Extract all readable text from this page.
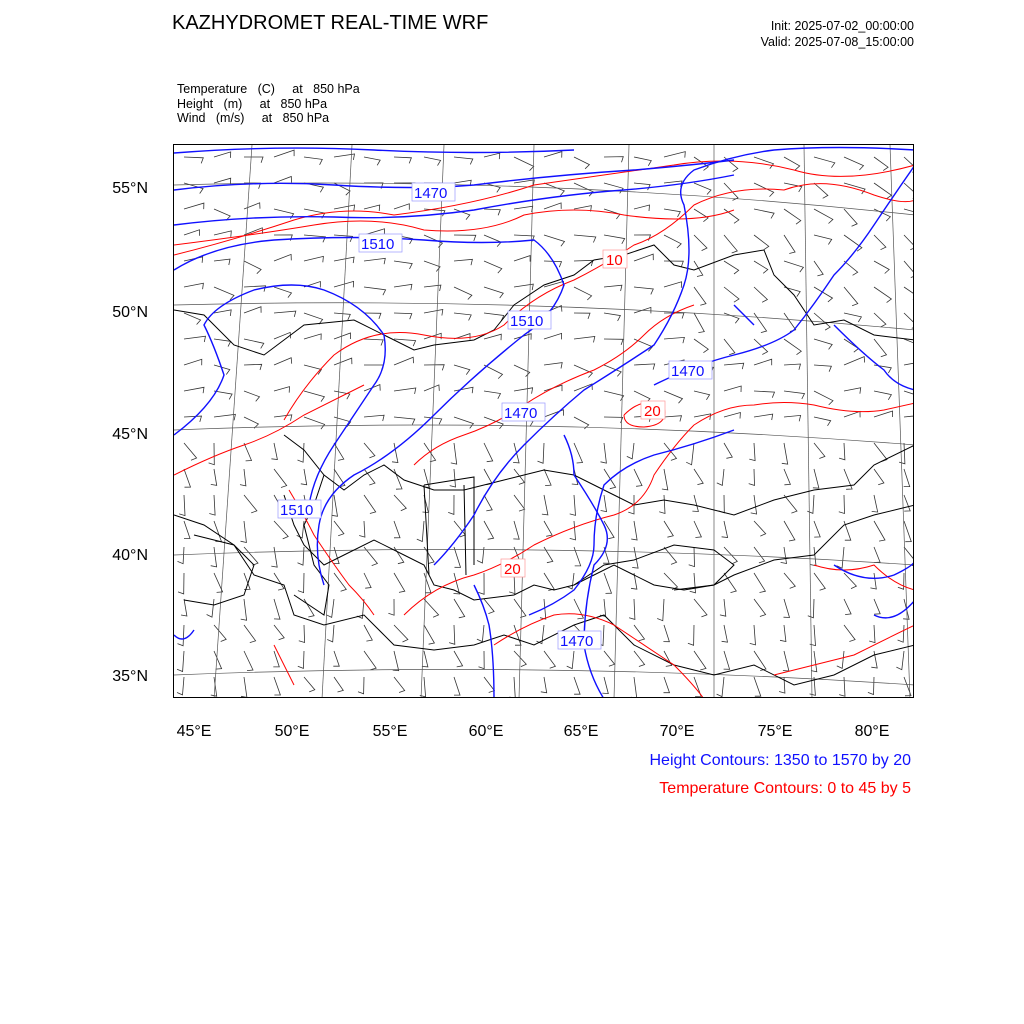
KAZHYDROMET REAL-TIME WRF	Init: 2025-07-02_00:00:00
Valid: 2025-07-08_15:00:00
Temperature   (C)     at   850 hPa
Height   (m)     at   850 hPa
Wind   (m/s)     at   850 hPa
1470
1510
1510
1470
1470
1510
1470
10
20
20
55°N
50°N
45°N
40°N
35°N
45°E	50°E	55°E	60°E	65°E	70°E	75°E	80°E
Height Contours: 1350 to 1570 by 20
Temperature Contours: 0 to 45 by 5
